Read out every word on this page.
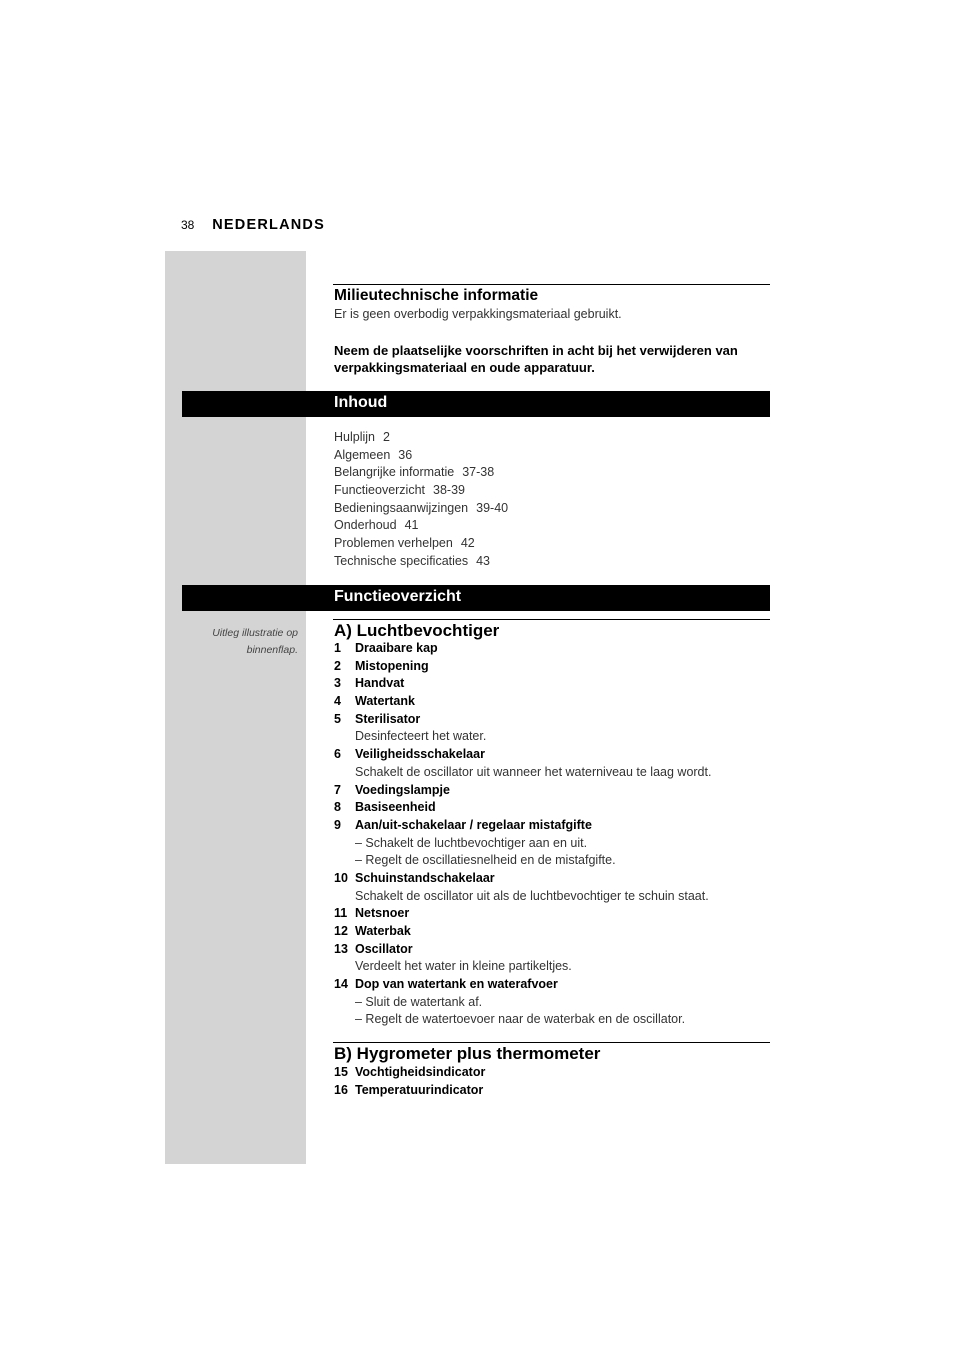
38 NEDERLANDS
Milieutechnische informatie
Er is geen overbodig verpakkingsmateriaal gebruikt.
Neem de plaatselijke voorschriften in acht bij het verwijderen van verpakkingsmateriaal en oude apparatuur.
Inhoud
Hulplijn 2
Algemeen 36
Belangrijke informatie 37-38
Functieoverzicht 38-39
Bedieningsaanwijzingen 39-40
Onderhoud 41
Problemen verhelpen 42
Technische specificaties 43
Functieoverzicht
Uitleg illustratie op
binnenflap.
A) Luchtbevochtiger
1 Draaibare kap
2 Mistopening
3 Handvat
4 Watertank
5 Sterilisator
Desinfecteert het water.
6 Veiligheidsschakelaar
Schakelt de oscillator uit wanneer het waterniveau te laag wordt.
7 Voedingslampje
8 Basiseenheid
9 Aan/uit-schakelaar / regelaar mistafgifte
– Schakelt de luchtbevochtiger aan en uit.
– Regelt de oscillatiesnelheid en de mistafgifte.
10 Schuinstandschakelaar
Schakelt de oscillator uit als de luchtbevochtiger te schuin staat.
11 Netsnoer
12 Waterbak
13 Oscillator
Verdeelt het water in kleine partikeltjes.
14 Dop van watertank en waterafvoer
– Sluit de watertank af.
– Regelt de watertoevoer naar de waterbak en de oscillator.
B) Hygrometer plus thermometer
15 Vochtigheidsindicator
16 Temperatuurindicator
